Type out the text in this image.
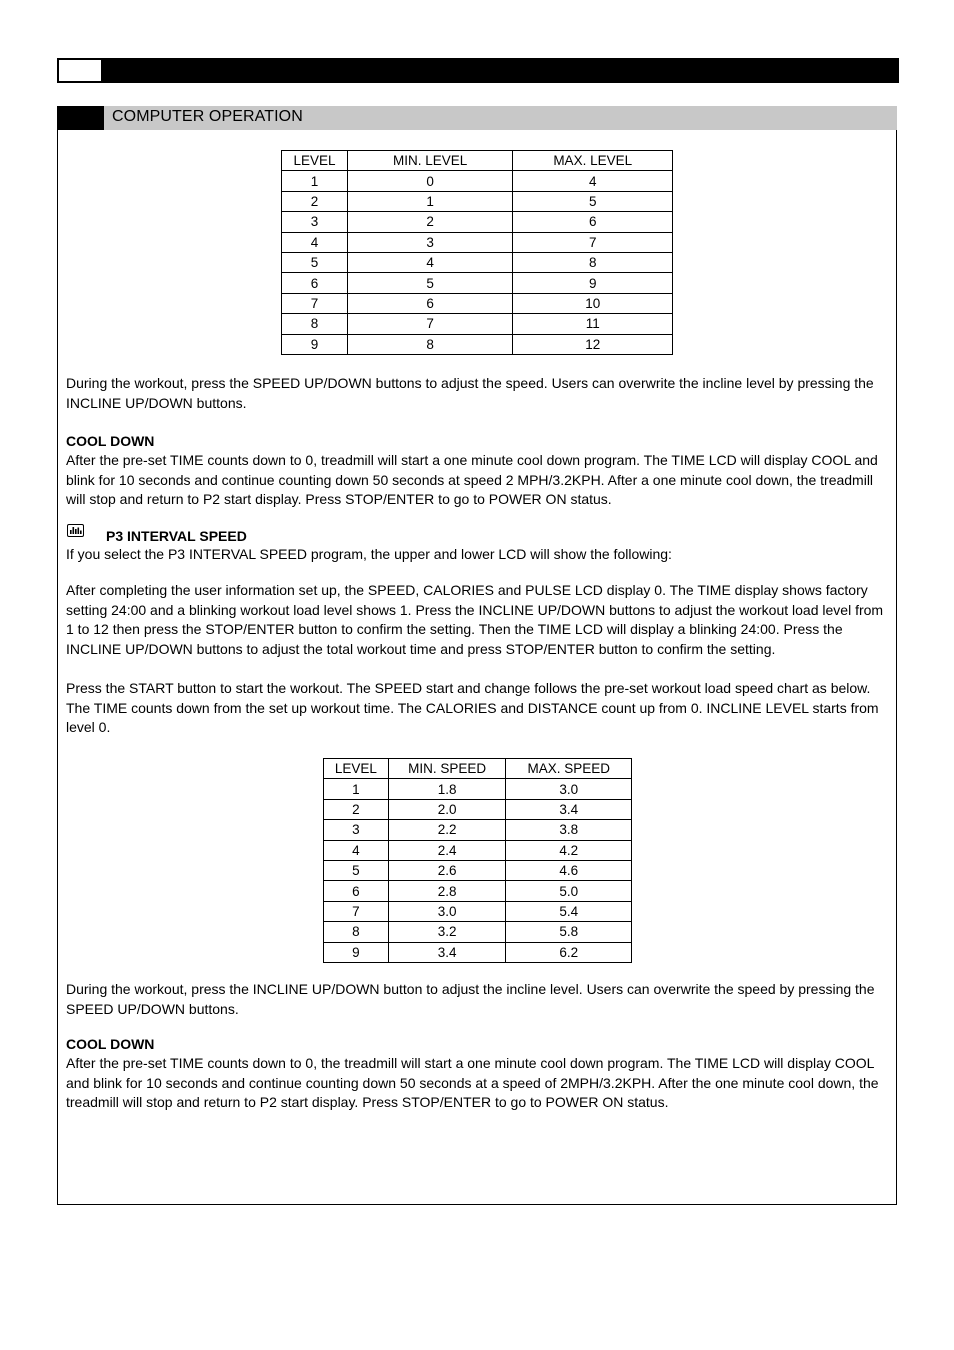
COMPUTER OPERATION
LEVEL	MIN. LEVEL	MAX. LEVEL
1	0	4
2	1	5
3	2	6
4	3	7
5	4	8
6	5	9
7	6	10
8	7	11
9	8	12
During the workout, press the SPEED UP/DOWN buttons to adjust the speed. Users can overwrite the incline level by pressing the INCLINE UP/DOWN buttons.
COOL DOWN
After the pre-set TIME counts down to 0, treadmill will start a one minute cool down program. The TIME LCD will display COOL and blink for 10 seconds and continue counting down 50 seconds at speed 2 MPH/3.2KPH. After a one minute cool down, the treadmill will stop and return to P2 start display. Press STOP/ENTER to go to POWER ON status.
P3 INTERVAL SPEED
If you select the P3 INTERVAL SPEED program, the upper and lower LCD will show the following:
After completing the user information set up, the SPEED, CALORIES and PULSE LCD display 0. The TIME display shows factory setting 24:00 and a blinking workout load level shows 1. Press the INCLINE UP/DOWN buttons to adjust the workout load level from 1 to 12 then press the STOP/ENTER button to confirm the setting. Then the TIME LCD will display a blinking 24:00. Press the INCLINE UP/DOWN buttons to adjust the total workout time and press STOP/ENTER button to confirm the setting.
Press the START button to start the workout. The SPEED start and change follows the pre-set workout load speed chart as below. The TIME counts down from the set up workout time. The CALORIES and DISTANCE count up from 0. INCLINE LEVEL starts from level 0.
LEVEL	MIN. SPEED	MAX. SPEED
1	1.8	3.0
2	2.0	3.4
3	2.2	3.8
4	2.4	4.2
5	2.6	4.6
6	2.8	5.0
7	3.0	5.4
8	3.2	5.8
9	3.4	6.2
During the workout, press the INCLINE UP/DOWN button to adjust the incline level. Users can overwrite the speed by pressing the SPEED UP/DOWN buttons.
COOL DOWN
After the pre-set TIME counts down to 0, the treadmill will start a one minute cool down program. The TIME LCD will display COOL and blink for 10 seconds and continue counting down 50 seconds at a speed of 2MPH/3.2KPH. After the one minute cool down, the treadmill will stop and return to P2 start display. Press STOP/ENTER to go to POWER ON status.
